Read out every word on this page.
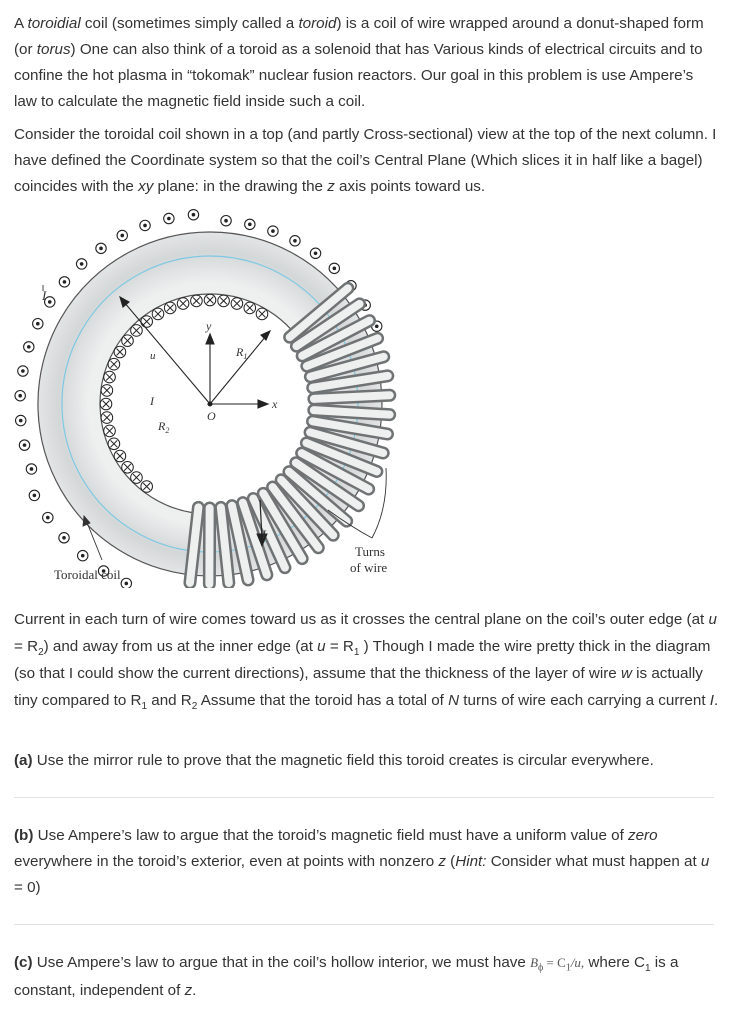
A toroidial coil (sometimes simply called a toroid) is a coil of wire wrapped around a donut-shaped form (or torus) One can also think of a toroid as a solenoid that has Various kinds of electrical circuits and to confine the hot plasma in “tokomak” nuclear fusion reactors. Our goal in this problem is use Ampere’s law to calculate the magnetic field inside such a coil.

Consider the toroidal coil shown in a top (and partly Cross-sectional) view at the top of the next column. I have defined the Coordinate system so that the coil’s Central Plane (Which slices it in half like a bagel) coincides with the xy plane: in the drawing the z axis points toward us.

I
I
I
y
x
O
u	$R_1$
$R_2$
Toroidal coil
Turns
of wire

Current in each turn of wire comes toward us as it crosses the central plane on the coil’s outer edge (at $u = R_2$) and away from us at the inner edge (at $u = R_1$ ) Though I made the wire pretty thick in the diagram (so that I could show the current directions), assume that the thickness of the layer of wire w is actually tiny compared to $R_1$ and $R_2$ Assume that the toroid has a total of N turns of wire each carrying a current I.

(a) Use the mirror rule to prove that the magnetic field this toroid creates is circular everywhere.

(b) Use Ampere’s law to argue that the toroid’s magnetic field must have a uniform value of zero everywhere in the toroid’s exterior, even at points with nonzero z (Hint: Consider what must happen at u = 0)

(c) Use Ampere’s law to argue that in the coil’s hollow interior, we must have $B_\phi = C_1/u$, where $C_1$ is a constant, independent of z.
